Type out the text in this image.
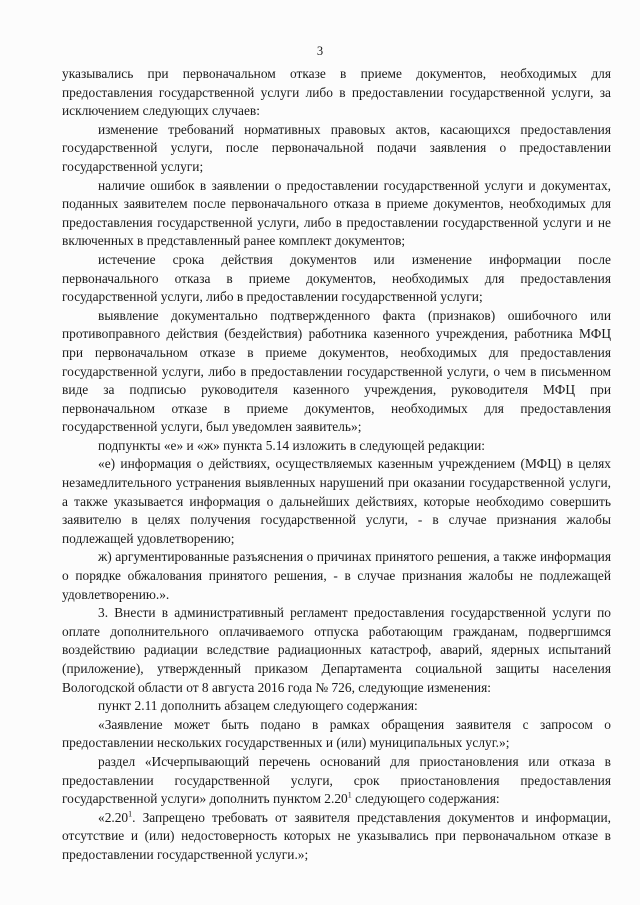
3

указывались при первоначальном отказе в приеме документов, необходимых для предоставления государственной услуги либо в предоставлении государственной услуги, за исключением следующих случаев:

изменение требований нормативных правовых актов, касающихся предоставления государственной услуги, после первоначальной подачи заявления о предоставлении государственной услуги;

наличие ошибок в заявлении о предоставлении государственной услуги и документах, поданных заявителем после первоначального отказа в приеме документов, необходимых для предоставления государственной услуги, либо в предоставлении государственной услуги и не включенных в представленный ранее комплект документов;

истечение срока действия документов или изменение информации после первоначального отказа в приеме документов, необходимых для предоставления государственной услуги, либо в предоставлении государственной услуги;

выявление документально подтвержденного факта (признаков) ошибочного или противоправного действия (бездействия) работника казенного учреждения, работника МФЦ при первоначальном отказе в приеме документов, необходимых для предоставления государственной услуги, либо в предоставлении государственной услуги, о чем в письменном виде за подписью руководителя казенного учреждения, руководителя МФЦ при первоначальном отказе в приеме документов, необходимых для предоставления государственной услуги, был уведомлен заявитель»;

подпункты «е» и «ж» пункта 5.14 изложить в следующей редакции:

«е) информация о действиях, осуществляемых казенным учреждением (МФЦ) в целях незамедлительного устранения выявленных нарушений при оказании государственной услуги, а также указывается информация о дальнейших действиях, которые необходимо совершить заявителю в целях получения государственной услуги, - в случае признания жалобы подлежащей удовлетворению;

ж) аргументированные разъяснения о причинах принятого решения, а также информация о порядке обжалования принятого решения, - в случае признания жалобы не подлежащей удовлетворению.».

3. Внести в административный регламент предоставления государственной услуги по оплате дополнительного оплачиваемого отпуска работающим гражданам, подвергшимся воздействию радиации вследствие радиационных катастроф, аварий, ядерных испытаний (приложение), утвержденный приказом Департамента социальной защиты населения Вологодской области от 8 августа 2016 года № 726, следующие изменения:

пункт 2.11 дополнить абзацем следующего содержания:

«Заявление может быть подано в рамках обращения заявителя с запросом о предоставлении нескольких государственных и (или) муниципальных услуг.»;

раздел «Исчерпывающий перечень оснований для приостановления или отказа в предоставлении государственной услуги, срок приостановления предоставления государственной услуги» дополнить пунктом 2.20$^1$ следующего содержания:

«2.20$^1$. Запрещено требовать от заявителя представления документов и информации, отсутствие и (или) недостоверность которых не указывались при первоначальном отказе в предоставлении государственной услуги.»;
